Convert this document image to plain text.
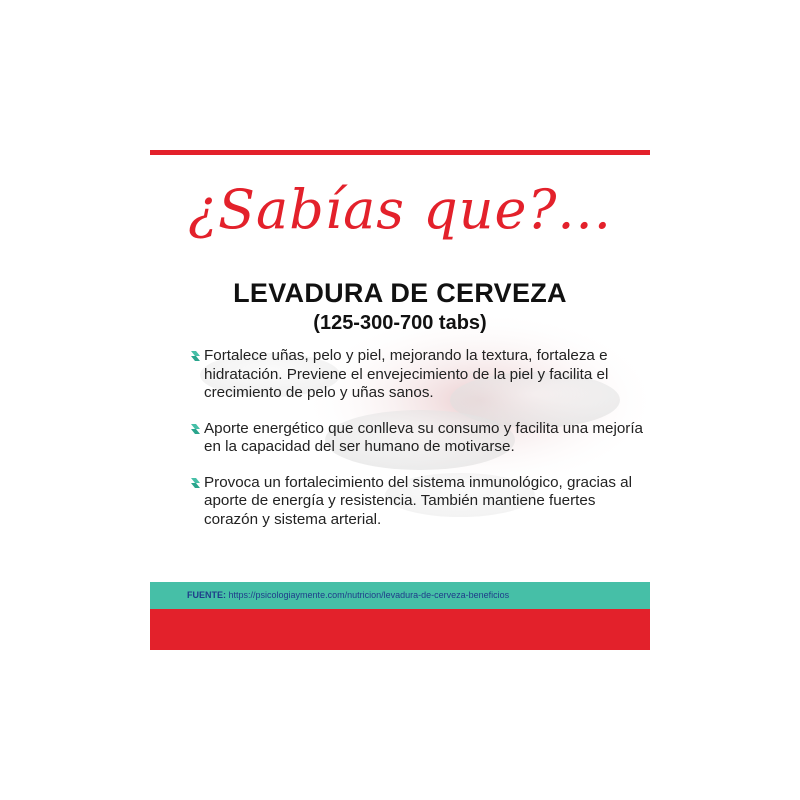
¿Sabías que?...
LEVADURA DE CERVEZA
(125-300-700 tabs)
Fortalece uñas, pelo y piel, mejorando la textura, fortaleza e hidratación. Previene el envejecimiento de la piel y facilita el crecimiento de pelo y uñas sanos.
Aporte energético que conlleva su consumo y facilita una mejoría en la capacidad del ser humano de motivarse.
Provoca un fortalecimiento del sistema inmunológico, gracias al aporte de energía y resistencia. También mantiene fuertes corazón y sistema arterial.
FUENTE: https://psicologiaymente.com/nutricion/levadura-de-cerveza-beneficios
